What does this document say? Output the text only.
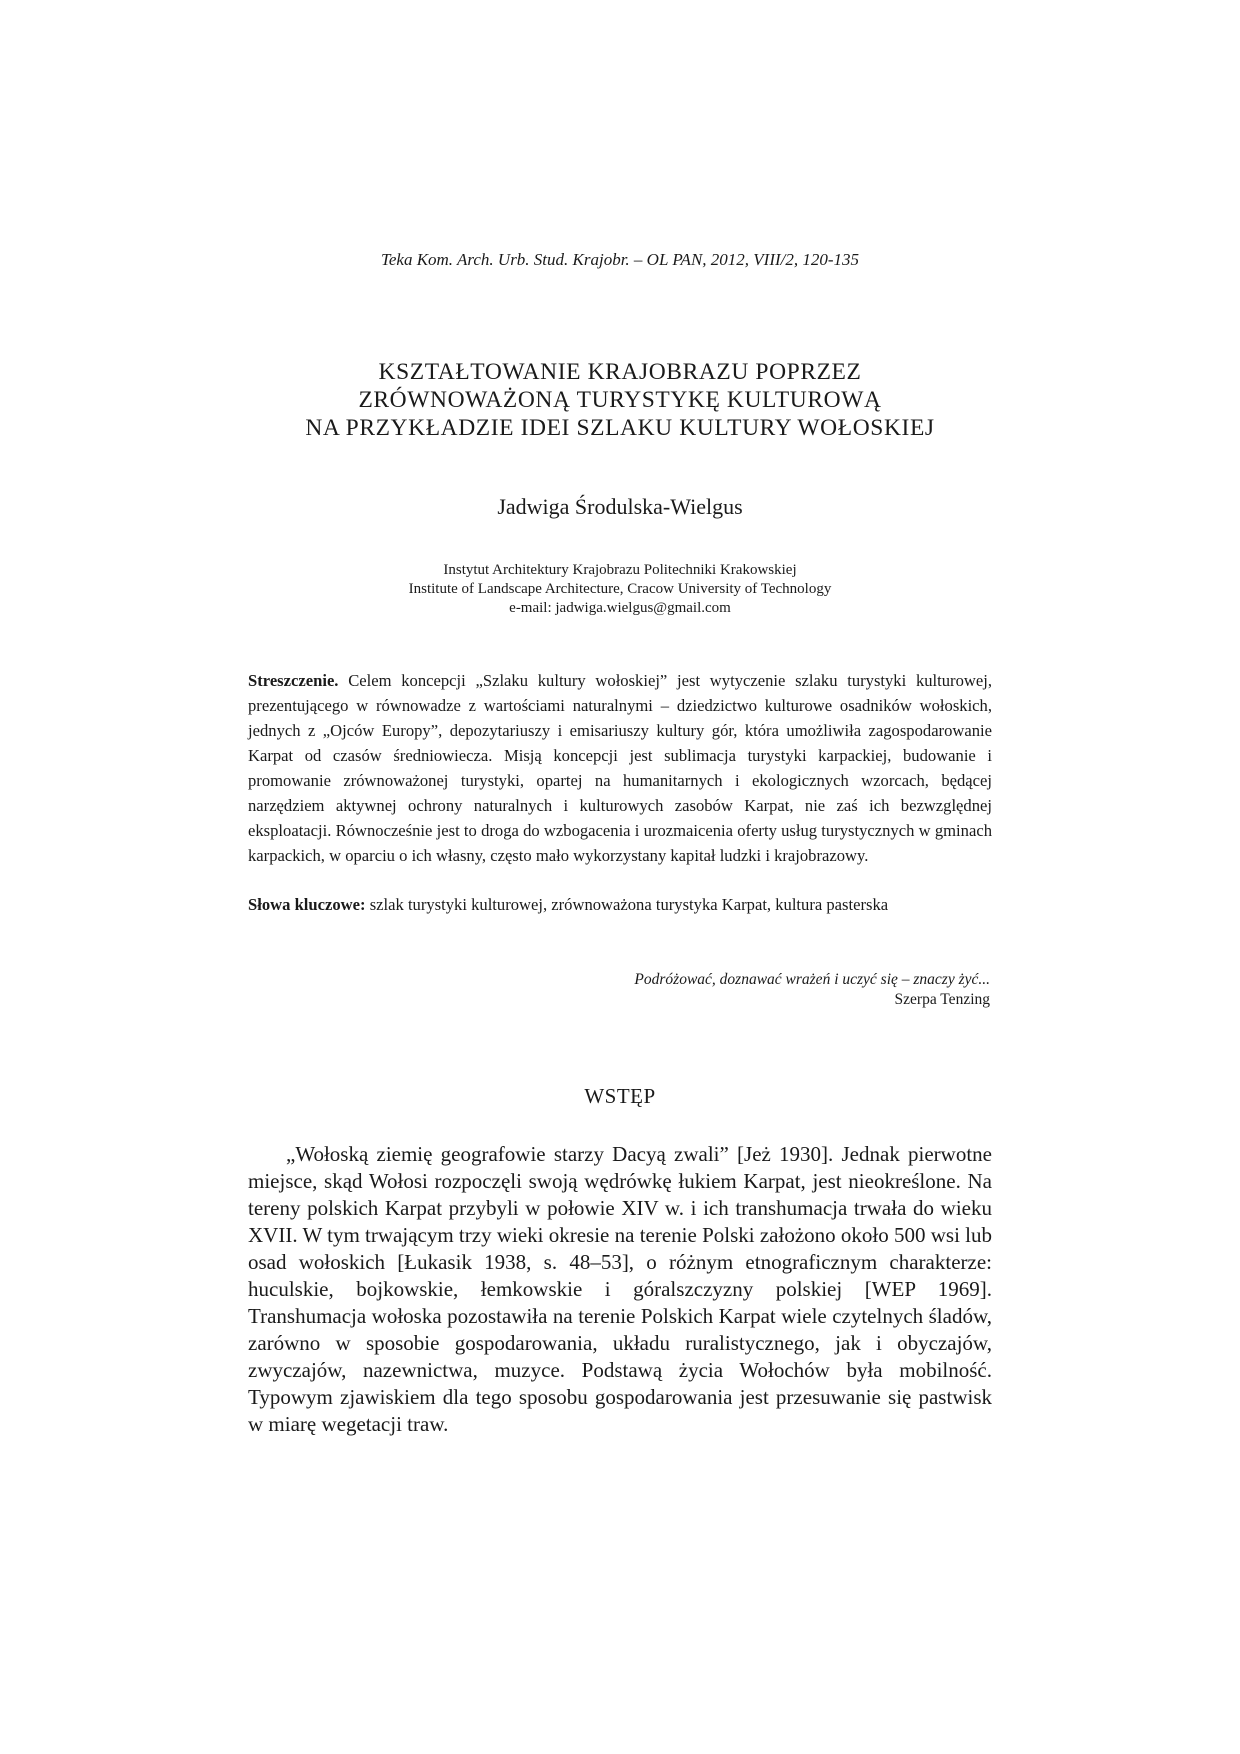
Teka Kom. Arch. Urb. Stud. Krajobr. – OL PAN, 2012, VIII/2, 120-135

KSZTAŁTOWANIE KRAJOBRAZU POPRZEZ
ZRÓWNOWAŻONĄ TURYSTYKĘ KULTUROWĄ
NA PRZYKŁADZIE IDEI SZLAKU KULTURY WOŁOSKIEJ

Jadwiga Środulska-Wielgus

Instytut Architektury Krajobrazu Politechniki Krakowskiej
Institute of Landscape Architecture, Cracow University of Technology
e-mail: jadwiga.wielgus@gmail.com

Streszczenie. Celem koncepcji „Szlaku kultury wołoskiej” jest wytyczenie szlaku turystyki kulturowej, prezentującego w równowadze z wartościami naturalnymi – dziedzictwo kulturowe osadników wołoskich, jednych z „Ojców Europy”, depozytariuszy i emisariuszy kultury gór, która umożliwiła zagospodarowanie Karpat od czasów średniowiecza. Misją koncepcji jest sublimacja turystyki karpackiej, budowanie i promowanie zrównoważonej turystyki, opartej na humanitarnych i ekologicznych wzorcach, będącej narzędziem aktywnej ochrony naturalnych i kulturowych zasobów Karpat, nie zaś ich bezwzględnej eksploatacji. Równocześnie jest to droga do wzbogacenia i urozmaicenia oferty usług turystycznych w gminach karpackich, w oparciu o ich własny, często mało wykorzystany kapitał ludzki i krajobrazowy.

Słowa kluczowe: szlak turystyki kulturowej, zrównoważona turystyka Karpat, kultura pasterska

Podróżować, doznawać wrażeń i uczyć się – znaczy żyć...
Szerpa Tenzing

WSTĘP

„Wołoską ziemię geografowie starzy Dacyą zwali” [Jeż 1930]. Jednak pierwotne miejsce, skąd Wołosi rozpoczęli swoją wędrówkę łukiem Karpat, jest nieokreślone. Na tereny polskich Karpat przybyli w połowie XIV w. i ich transhumacja trwała do wieku XVII. W tym trwającym trzy wieki okresie na terenie Polski założono około 500 wsi lub osad wołoskich [Łukasik 1938, s. 48–53], o różnym etnograficznym charakterze: huculskie, bojkowskie, łemkowskie i góralszczyzny polskiej [WEP 1969]. Transhumacja wołoska pozostawiła na terenie Polskich Karpat wiele czytelnych śladów, zarówno w sposobie gospodarowania, układu ruralistycznego, jak i obyczajów, zwyczajów, nazewnictwa, muzyce. Podstawą życia Wołochów była mobilność. Typowym zjawiskiem dla tego sposobu gospodarowania jest przesuwanie się pastwisk w miarę wegetacji traw.
